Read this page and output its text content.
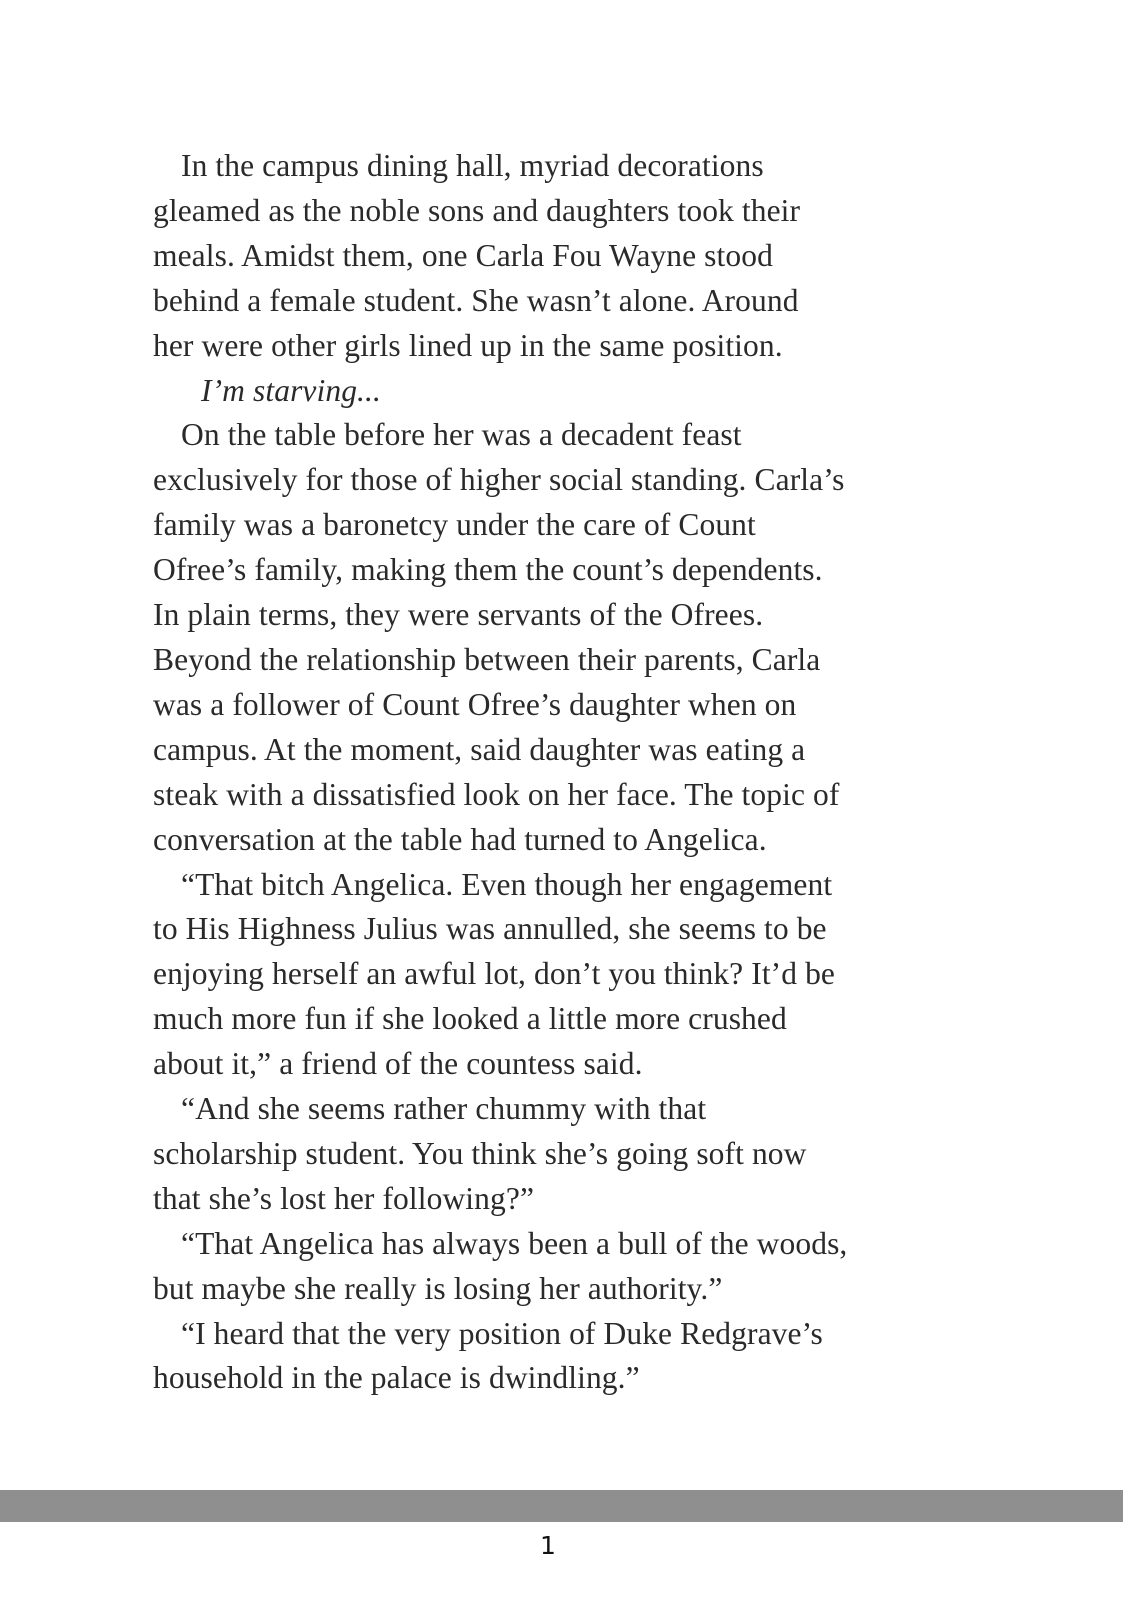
In the campus dining hall, myriad decorations
gleamed as the noble sons and daughters took their
meals. Amidst them, one Carla Fou Wayne stood
behind a female student. She wasn’t alone. Around
her were other girls lined up in the same position.
I’m starving...
On the table before her was a decadent feast
exclusively for those of higher social standing. Carla’s
family was a baronetcy under the care of Count
Ofree’s family, making them the count’s dependents.
In plain terms, they were servants of the Ofrees.
Beyond the relationship between their parents, Carla
was a follower of Count Ofree’s daughter when on
campus. At the moment, said daughter was eating a
steak with a dissatisfied look on her face. The topic of
conversation at the table had turned to Angelica.
“That bitch Angelica. Even though her engagement
to His Highness Julius was annulled, she seems to be
enjoying herself an awful lot, don’t you think? It’d be
much more fun if she looked a little more crushed
about it,” a friend of the countess said.
“And she seems rather chummy with that
scholarship student. You think she’s going soft now
that she’s lost her following?”
“That Angelica has always been a bull of the woods,
but maybe she really is losing her authority.”
“I heard that the very position of Duke Redgrave’s
household in the palace is dwindling.”
1
